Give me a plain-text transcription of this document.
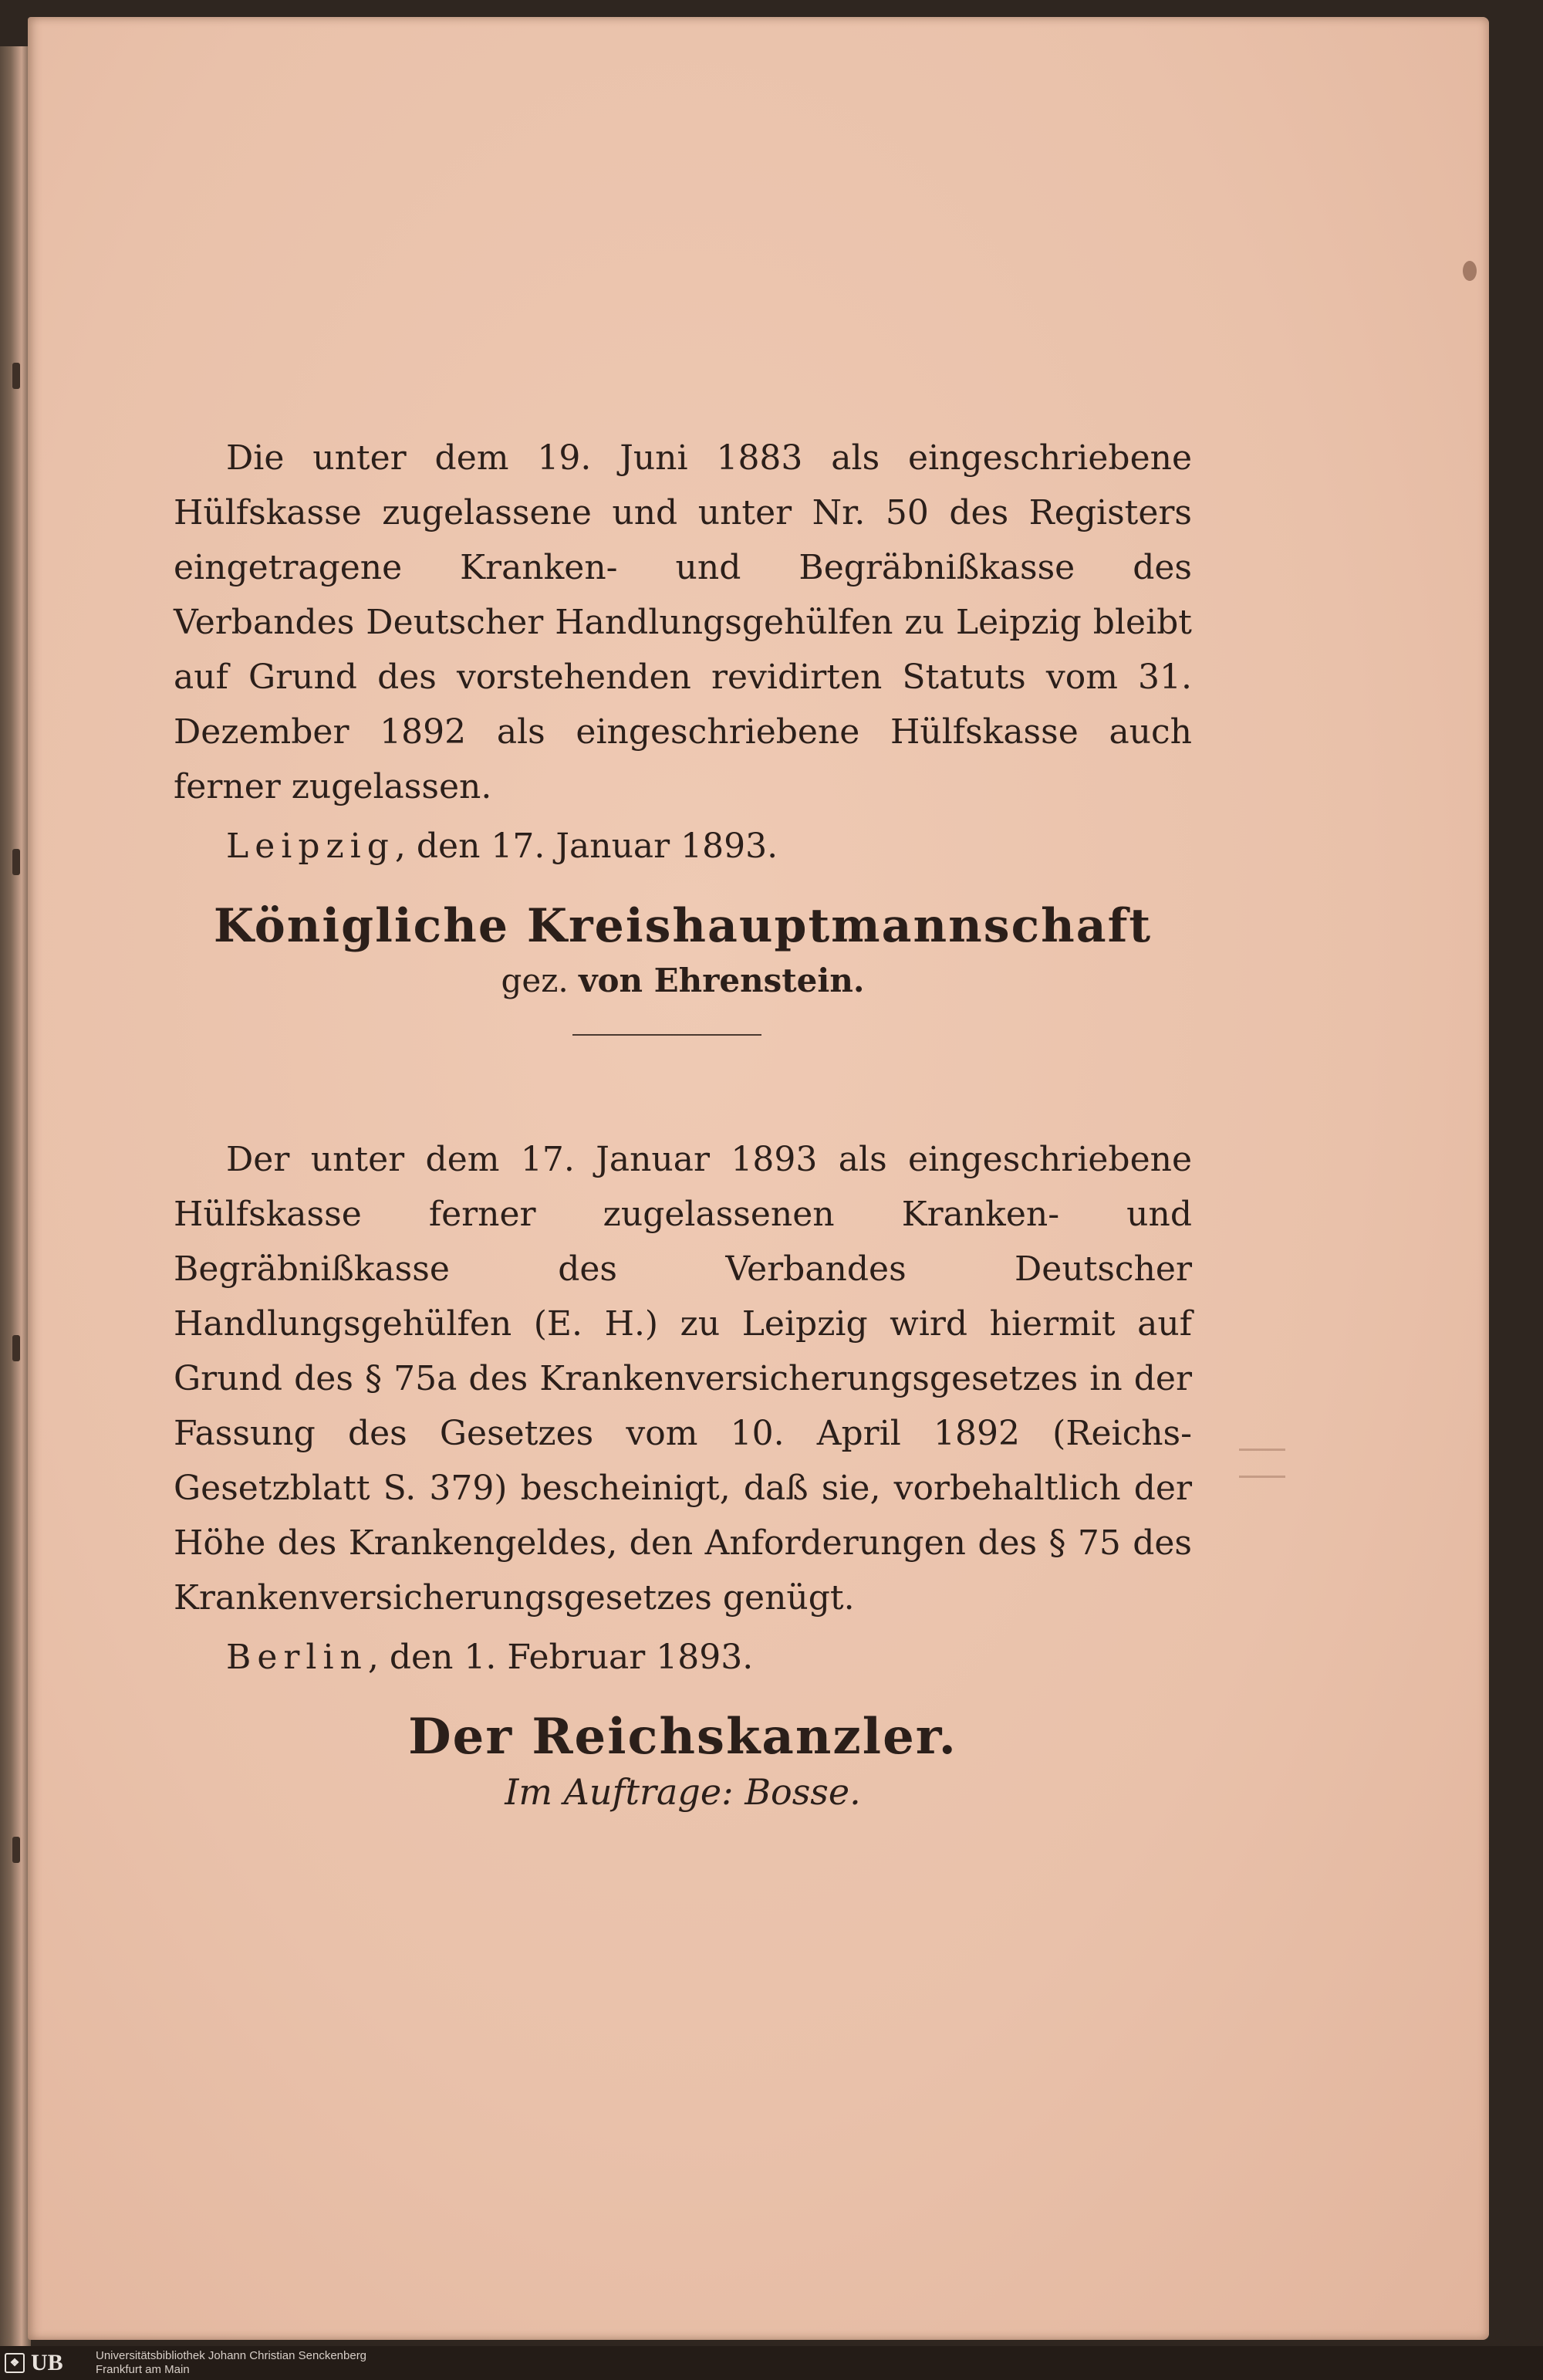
Die unter dem 19. Juni 1883 als eingeschriebene Hülfskasse zugelassene und unter Nr. 50 des Registers eingetragene Kranken- und Begräbnißkasse des Verbandes Deutscher Handlungsgehülfen zu Leipzig bleibt auf Grund des vorstehenden revidirten Statuts vom 31. Dezember 1892 als eingeschriebene Hülfskasse auch ferner zugelassen.

Leipzig, den 17. Januar 1893.

Königliche Kreishauptmannschaft

gez. von Ehrenstein.

Der unter dem 17. Januar 1893 als eingeschriebene Hülfskasse ferner zugelassenen Kranken- und Begräbnißkasse des Verbandes Deutscher Handlungsgehülfen (E. H.) zu Leipzig wird hiermit auf Grund des § 75a des Krankenversicherungsgesetzes in der Fassung des Gesetzes vom 10. April 1892 (Reichs-Gesetzblatt S. 379) bescheinigt, daß sie, vorbehaltlich der Höhe des Krankengeldes, den Anforderungen des § 75 des Krankenversicherungsgesetzes genügt.

Berlin, den 1. Februar 1893.

Der Reichskanzler.

Im Auftrage: Bosse.

❖ UB	Universitätsbibliothek Johann Christian Senckenberg
Frankfurt am Main
